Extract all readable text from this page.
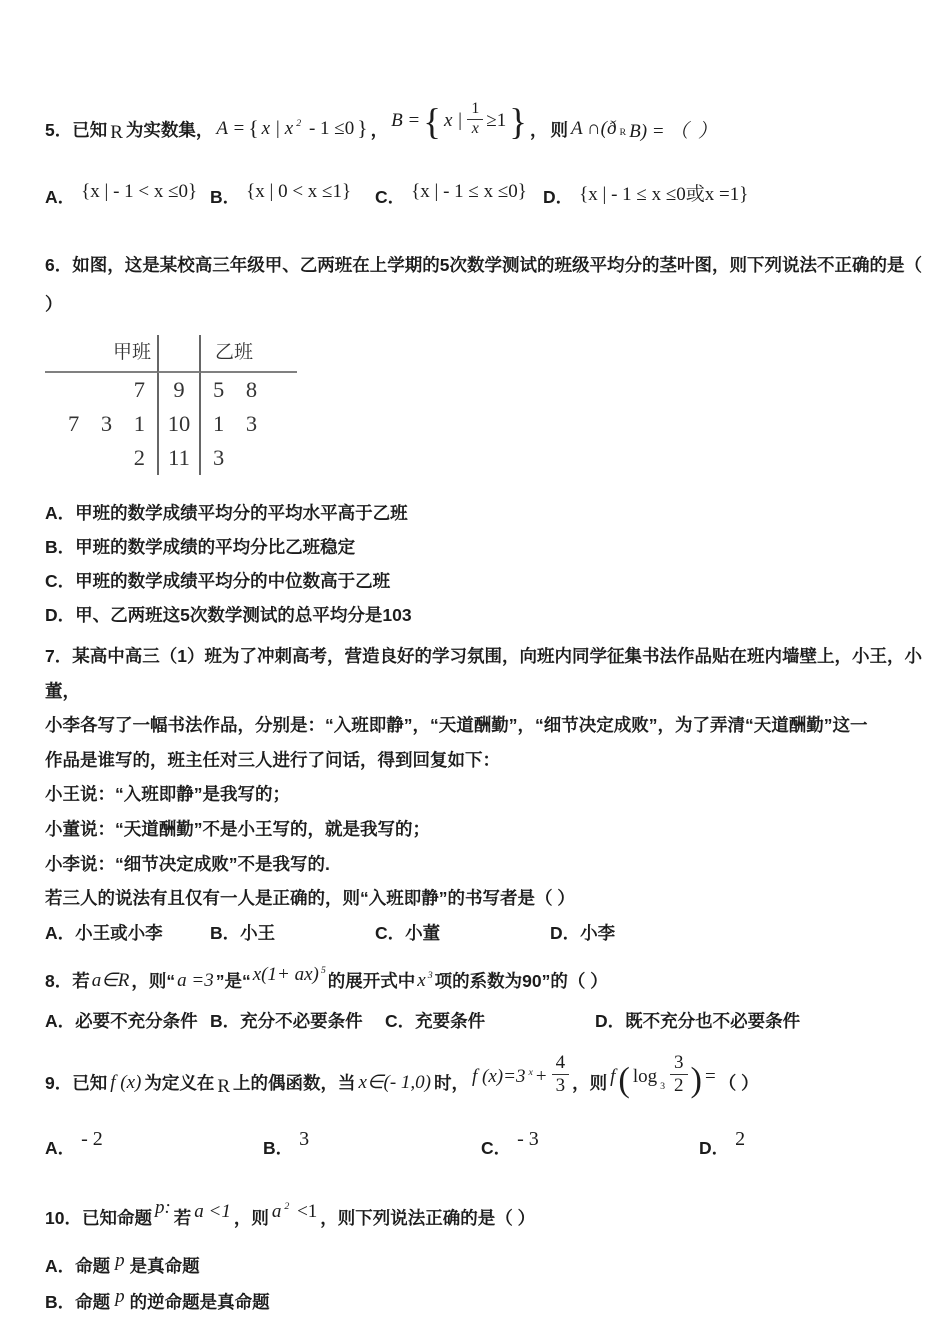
5．已知 R 为实数集， A = { x | x 2 - 1 ≤0 } ， B = { x | $\frac{1}{x} \ge 1$ } ， 则 A ∩(ð R B) = （  ）
A． {x | - 1 < x ≤0} B． {x | 0 < x ≤1} C． {x | - 1 ≤ x ≤0} D． {x | - 1 ≤ x ≤0或x =1}
6．如图，这是某校高三年级甲、乙两班在上学期的5次数学测试的班级平均分的茎叶图，则下列说法不正确的是（
）
甲班	乙班
7	9	5 8
7 3 1	10	1 3
2	11	3
A．甲班的数学成绩平均分的平均水平高于乙班
B．甲班的数学成绩的平均分比乙班稳定
C．甲班的数学成绩平均分的中位数高于乙班
D．甲、乙两班这5次数学测试的总平均分是103
7．某高中高三（1）班为了冲刺高考，营造良好的学习氛围，向班内同学征集书法作品贴在班内墙壁上，小王，小董，
小李各写了一幅书法作品，分别是：“入班即静”，“天道酬勤”，“细节决定成败”，为了弄清“天道酬勤”这一
作品是谁写的，班主任对三人进行了问话，得到回复如下：
小王说：“入班即静”是我写的；
小董说：“天道酬勤”不是小王写的，就是我写的；
小李说：“细节决定成败”不是我写的.
若三人的说法有且仅有一人是正确的，则“入班即静”的书写者是（ ）
A． 小王或小李	B． 小王	C． 小董	D． 小李
8．若 a∈R ，则“ a =3 ”是“ x(1+ ax) 5
的展开式中 x 3 项的系数为90”的（ ）
A． 必要不充分条件 B． 充分不必要条件 C． 充要条件	D． 既不充分也不必要条件
9．已知 f (x) 为定义在 R 上的偶函数，当 x∈(- 1,0) 时， f (x)=3 $x + \frac{4}{3}$ ，则 f ( $\log 3 \frac{3}{2}$ ) = （ ）
A． - 2	B． 3	C． - 3	D． 2
10．已知命题
p:
若 a <1 ，则 a 2 <1 ，则下列说法正确的是（ ）
A． 命题 p 是真命题
B． 命题 p 的逆命题是真命题
